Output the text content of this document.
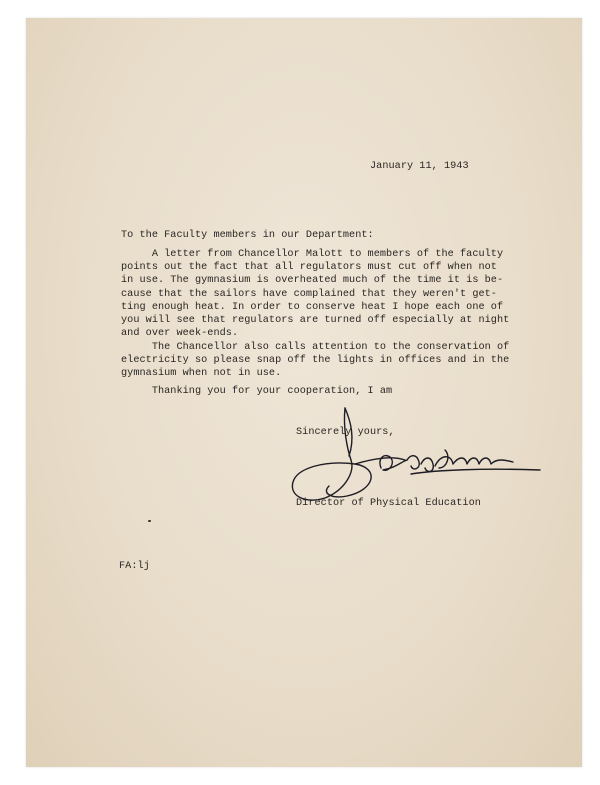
January 11, 1943
To the Faculty members in our Department:
A letter from Chancellor Malott to members of the faculty
points out the fact that all regulators must cut off when not
in use. The gymnasium is overheated much of the time it is be-
cause that the sailors have complained that they weren't get-
ting enough heat. In order to conserve heat I hope each one of
you will see that regulators are turned off especially at night
and over week-ends.
The Chancellor also calls attention to the conservation of
electricity so please snap off the lights in offices and in the
gymnasium when not in use.
Thanking you for your cooperation, I am
Sincerely yours,
Director of Physical Education
FA:lj
